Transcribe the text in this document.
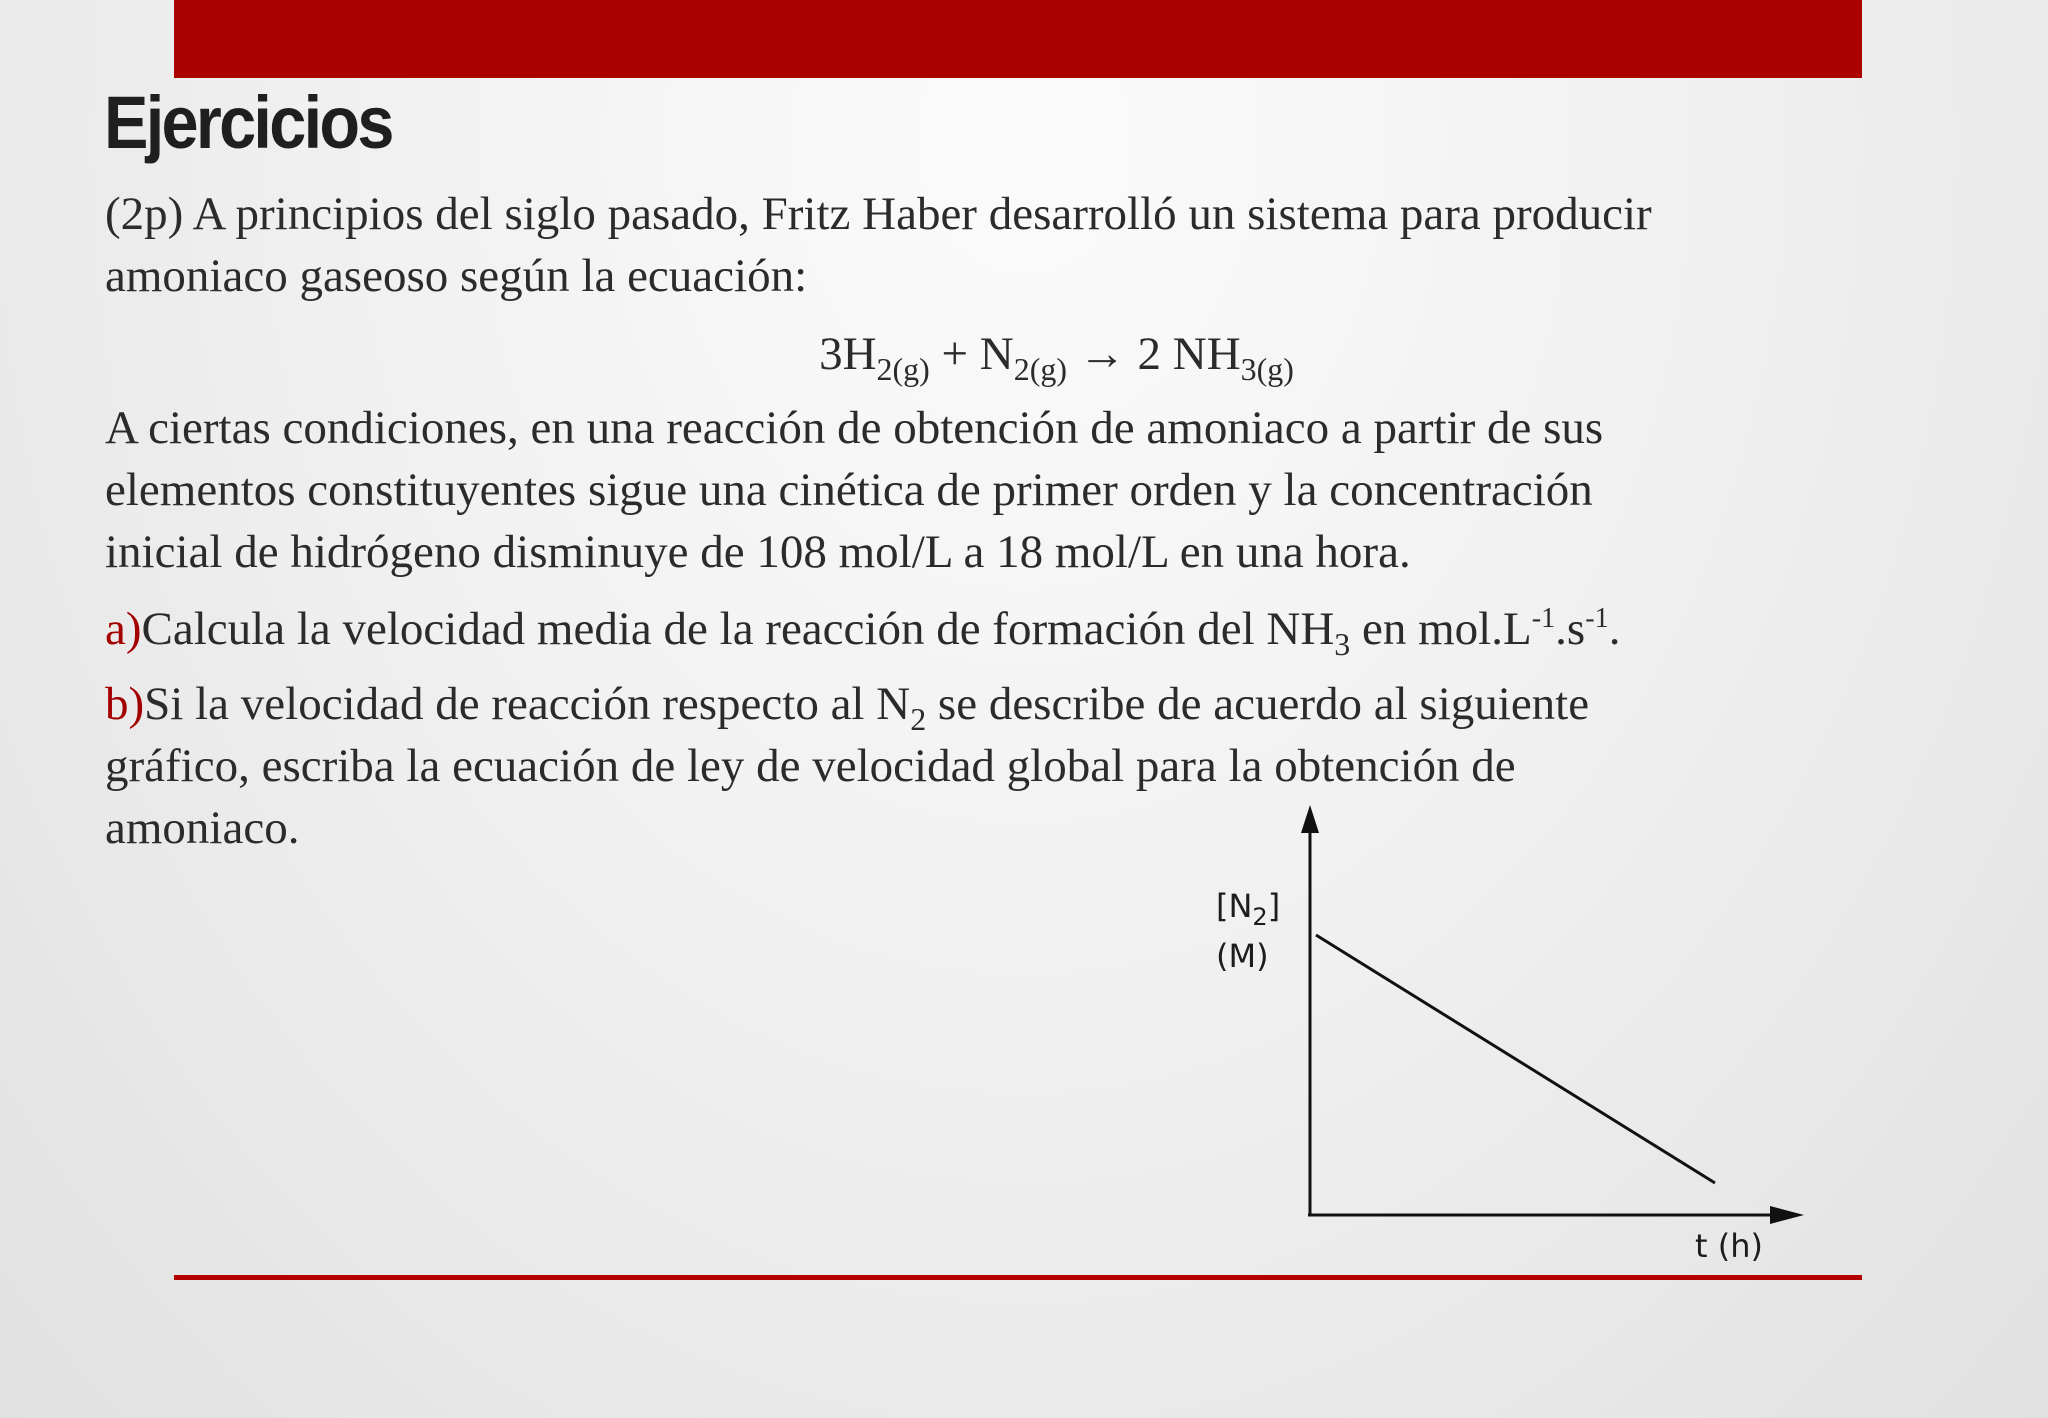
Ejercicios
(2p) A principios del siglo pasado, Fritz Haber desarrolló un sistema para producir
amoniaco gaseoso según la ecuación:
$3H_{2(g)} + N_{2(g)} \to 2$ $NH_{3(g)}$
A ciertas condiciones, en una reacción de obtención de amoniaco a partir de sus
elementos constituyentes sigue una cinética de primer orden y la concentración
inicial de hidrógeno disminuye de 108 mol/L a 18 mol/L en una hora.
a)Calcula la velocidad media de la reacción de formación del $NH_3$ en $mol.L^{-1}.s^{-1}$.
b)Si la velocidad de reacción respecto al $N_2$ se describe de acuerdo al siguiente
gráfico, escriba la ecuación de ley de velocidad global para la obtención de
amoniaco.
$[N_2]$
(M)
t (h)
